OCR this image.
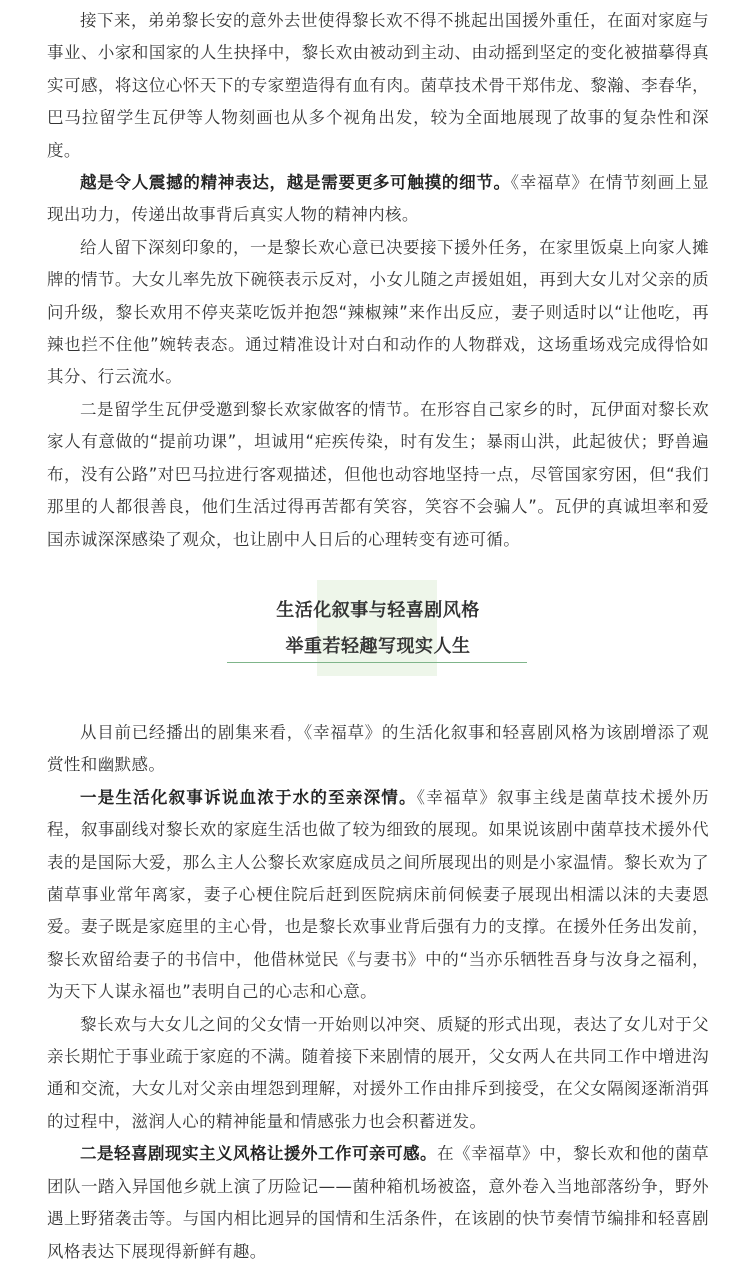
接下来，弟弟黎长安的意外去世使得黎长欢不得不挑起出国援外重任，在面对家庭与事业、小家和国家的人生抉择中，黎长欢由被动到主动、由动摇到坚定的变化被描摹得真实可感，将这位心怀天下的专家塑造得有血有肉。菌草技术骨干郑伟龙、黎瀚、李春华，巴马拉留学生瓦伊等人物刻画也从多个视角出发，较为全面地展现了故事的复杂性和深度。

越是令人震撼的精神表达，越是需要更多可触摸的细节。《幸福草》在情节刻画上显现出功力，传递出故事背后真实人物的精神内核。

给人留下深刻印象的，一是黎长欢心意已决要接下援外任务，在家里饭桌上向家人摊牌的情节。大女儿率先放下碗筷表示反对，小女儿随之声援姐姐，再到大女儿对父亲的质问升级，黎长欢用不停夹菜吃饭并抱怨“辣椒辣”来作出反应，妻子则适时以“让他吃，再辣也拦不住他”婉转表态。通过精准设计对白和动作的人物群戏，这场重场戏完成得恰如其分、行云流水。

二是留学生瓦伊受邀到黎长欢家做客的情节。在形容自己家乡的时，瓦伊面对黎长欢家人有意做的“提前功课”，坦诚用“疟疾传染，时有发生；暴雨山洪，此起彼伏；野兽遍布，没有公路”对巴马拉进行客观描述，但他也动容地坚持一点，尽管国家穷困，但“我们那里的人都很善良，他们生活过得再苦都有笑容，笑容不会骗人”。瓦伊的真诚坦率和爱国赤诚深深感染了观众，也让剧中人日后的心理转变有迹可循。

生活化叙事与轻喜剧风格
举重若轻趣写现实人生

从目前已经播出的剧集来看，《幸福草》的生活化叙事和轻喜剧风格为该剧增添了观赏性和幽默感。

一是生活化叙事诉说血浓于水的至亲深情。《幸福草》叙事主线是菌草技术援外历程，叙事副线对黎长欢的家庭生活也做了较为细致的展现。如果说该剧中菌草技术援外代表的是国际大爱，那么主人公黎长欢家庭成员之间所展现出的则是小家温情。黎长欢为了菌草事业常年离家，妻子心梗住院后赶到医院病床前伺候妻子展现出相濡以沫的夫妻恩爱。妻子既是家庭里的主心骨，也是黎长欢事业背后强有力的支撑。在援外任务出发前，黎长欢留给妻子的书信中，他借林觉民《与妻书》中的“当亦乐牺牲吾身与汝身之福利，为天下人谋永福也”表明自己的心志和心意。

黎长欢与大女儿之间的父女情一开始则以冲突、质疑的形式出现，表达了女儿对于父亲长期忙于事业疏于家庭的不满。随着接下来剧情的展开，父女两人在共同工作中增进沟通和交流，大女儿对父亲由埋怨到理解，对援外工作由排斥到接受，在父女隔阂逐渐消弭的过程中，滋润人心的精神能量和情感张力也会积蓄迸发。

二是轻喜剧现实主义风格让援外工作可亲可感。在《幸福草》中，黎长欢和他的菌草团队一踏入异国他乡就上演了历险记——菌种箱机场被盗，意外卷入当地部落纷争，野外遇上野猪袭击等。与国内相比迥异的国情和生活条件，在该剧的快节奏情节编排和轻喜剧风格表达下展现得新鲜有趣。
